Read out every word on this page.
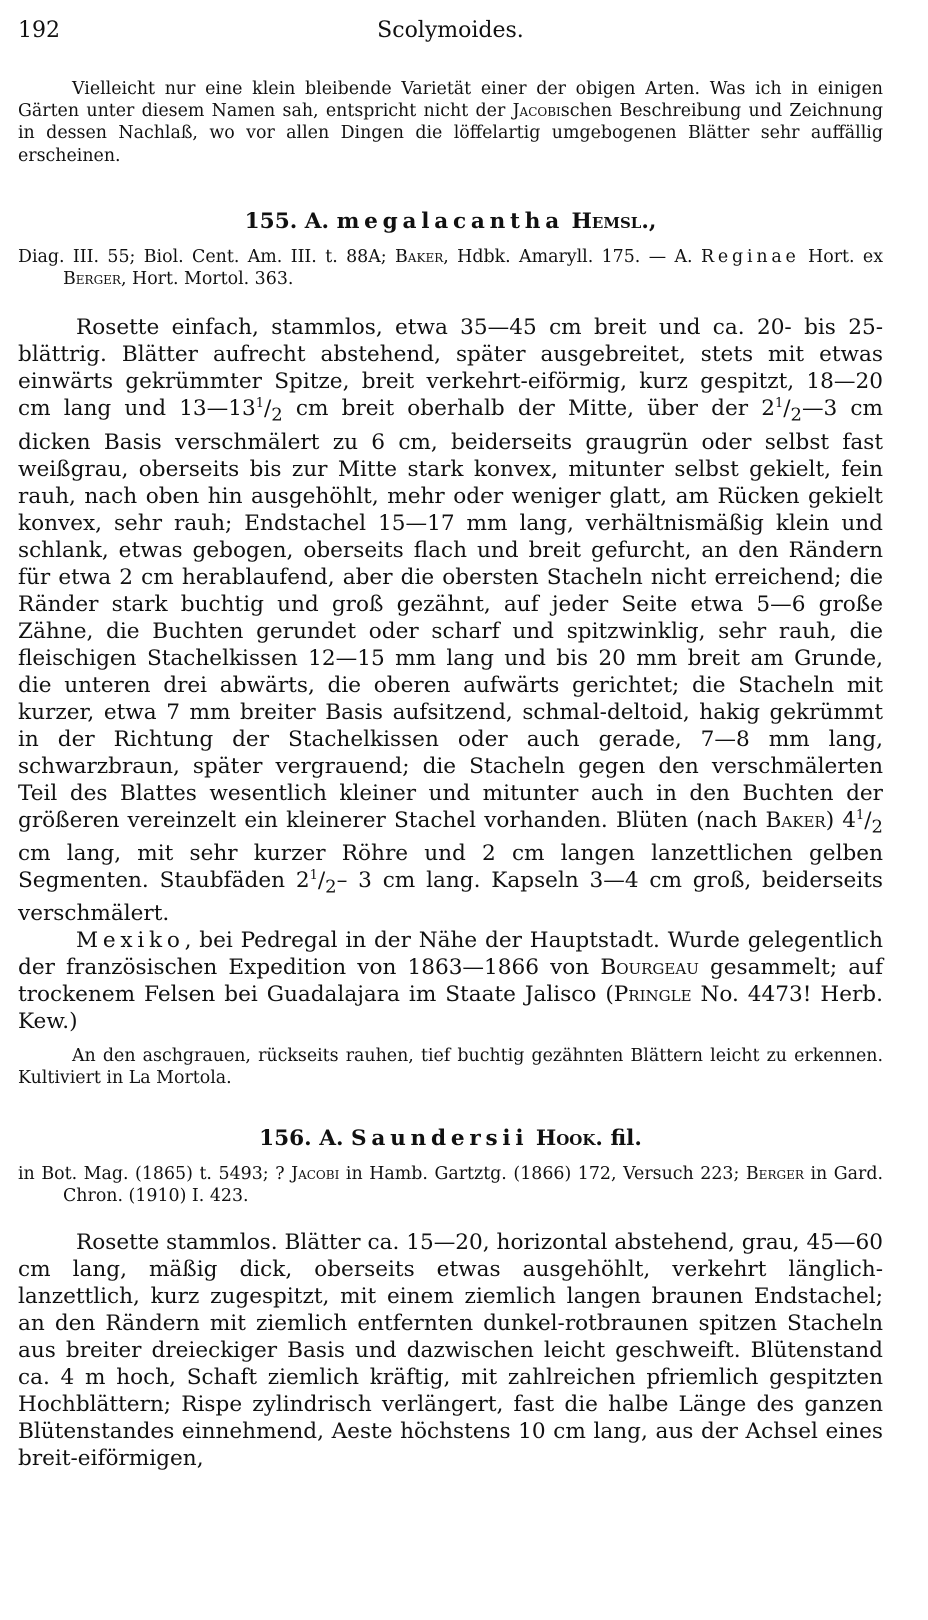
192	Scolymoides.

Vielleicht nur eine klein bleibende Varietät einer der obigen Arten. Was ich in einigen Gärten unter diesem Namen sah, entspricht nicht der Jacobischen Beschreibung und Zeichnung in dessen Nachlaß, wo vor allen Dingen die löffelartig umgebogenen Blätter sehr auffällig erscheinen.

155. A. megalacantha Hemsl.,

Diag. III. 55; Biol. Cent. Am. III. t. 88A; Baker, Hdbk. Amaryll. 175. — A. Reginae Hort. ex Berger, Hort. Mortol. 363.

Rosette einfach, stammlos, etwa 35—45 cm breit und ca. 20- bis 25-blättrig. Blätter aufrecht abstehend, später ausgebreitet, stets mit etwas einwärts gekrümmter Spitze, breit verkehrt-eiförmig, kurz gespitzt, 18—20 cm lang und $13—13^1/_2$ cm breit oberhalb der Mitte, über der $2^1/_2—3$ cm dicken Basis verschmälert zu 6 cm, beiderseits graugrün oder selbst fast weißgrau, oberseits bis zur Mitte stark konvex, mitunter selbst gekielt, fein rauh, nach oben hin ausgehöhlt, mehr oder weniger glatt, am Rücken gekielt konvex, sehr rauh; Endstachel 15—17 mm lang, verhältnismäßig klein und schlank, etwas gebogen, oberseits flach und breit gefurcht, an den Rändern für etwa 2 cm herablaufend, aber die obersten Stacheln nicht erreichend; die Ränder stark buchtig und groß gezähnt, auf jeder Seite etwa 5—6 große Zähne, die Buchten gerundet oder scharf und spitzwinklig, sehr rauh, die fleischigen Stachelkissen 12—15 mm lang und bis 20 mm breit am Grunde, die unteren drei abwärts, die oberen aufwärts gerichtet; die Stacheln mit kurzer, etwa 7 mm breiter Basis aufsitzend, schmal-deltoid, hakig gekrümmt in der Richtung der Stachelkissen oder auch gerade, 7—8 mm lang, schwarzbraun, später vergrauend; die Stacheln gegen den verschmälerten Teil des Blattes wesentlich kleiner und mitunter auch in den Buchten der größeren vereinzelt ein kleinerer Stachel vorhanden. Blüten (nach Baker) $4^1/_2$ cm lang, mit sehr kurzer Röhre und 2 cm langen lanzettlichen gelben Segmenten. Staubfäden $2^1/_2-$ 3 cm lang. Kapseln 3—4 cm groß, beiderseits verschmälert.

Mexiko, bei Pedregal in der Nähe der Hauptstadt. Wurde gelegentlich der französischen Expedition von 1863—1866 von Bourgeau gesammelt; auf trockenem Felsen bei Guadalajara im Staate Jalisco (Pringle No. 4473! Herb. Kew.)

An den aschgrauen, rückseits rauhen, tief buchtig gezähnten Blättern leicht zu erkennen. Kultiviert in La Mortola.

156. A. Saundersii Hook. fil.

in Bot. Mag. (1865) t. 5493; ? Jacobi in Hamb. Gartztg. (1866) 172, Versuch 223; Berger in Gard. Chron. (1910) I. 423.

Rosette stammlos. Blätter ca. 15—20, horizontal abstehend, grau, 45—60 cm lang, mäßig dick, oberseits etwas ausgehöhlt, verkehrt länglich-lanzettlich, kurz zugespitzt, mit einem ziemlich langen braunen Endstachel; an den Rändern mit ziemlich entfernten dunkel-rotbraunen spitzen Stacheln aus breiter dreieckiger Basis und dazwischen leicht geschweift. Blütenstand ca. 4 m hoch, Schaft ziemlich kräftig, mit zahlreichen pfriemlich gespitzten Hochblättern; Rispe zylindrisch verlängert, fast die halbe Länge des ganzen Blütenstandes einnehmend, Aeste höchstens 10 cm lang, aus der Achsel eines breit-eiförmigen,
